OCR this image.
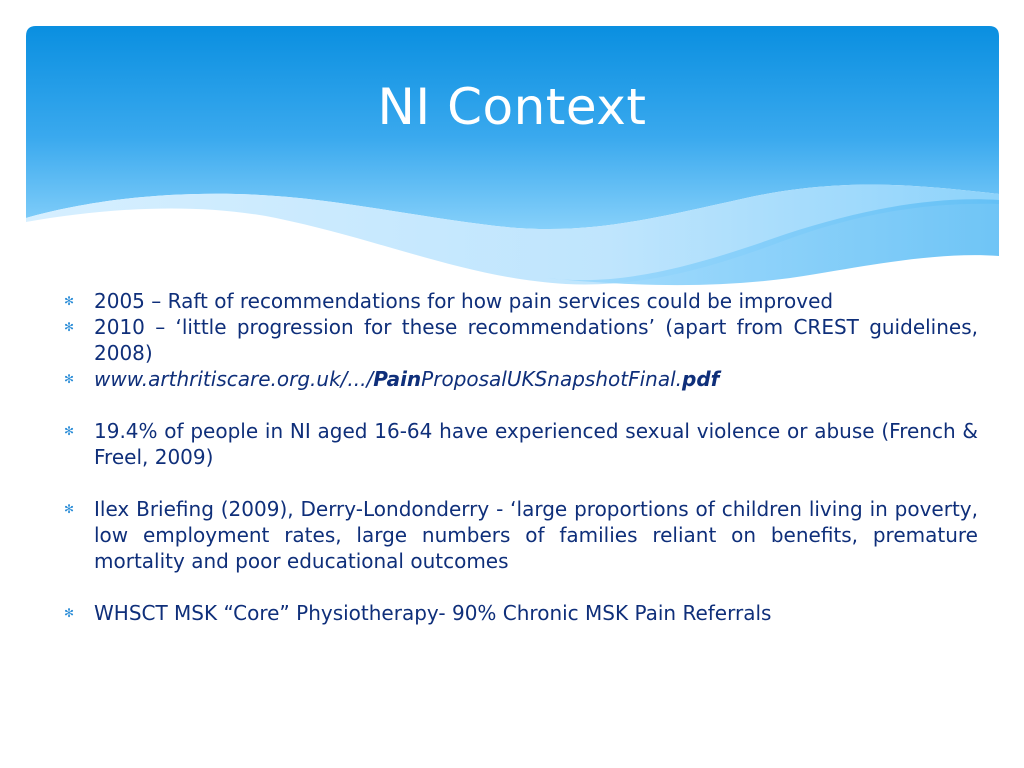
NI Context
✻ 2005 – Raft of recommendations for how pain services could be improved
✻ 2010 – ‘little progression for these recommendations’ (apart from CREST guidelines, 2008)
✻ www.arthritiscare.org.uk/.../PainProposalUKSnapshotFinal.pdf
✻ 19.4% of people in NI aged 16-64 have experienced sexual violence or abuse (French & Freel, 2009)
✻ Ilex Briefing (2009), Derry-Londonderry - ‘large proportions of children living in poverty, low employment rates, large numbers of families reliant on benefits, premature mortality and poor educational outcomes
✻ WHSCT MSK “Core” Physiotherapy- 90% Chronic MSK Pain Referrals
